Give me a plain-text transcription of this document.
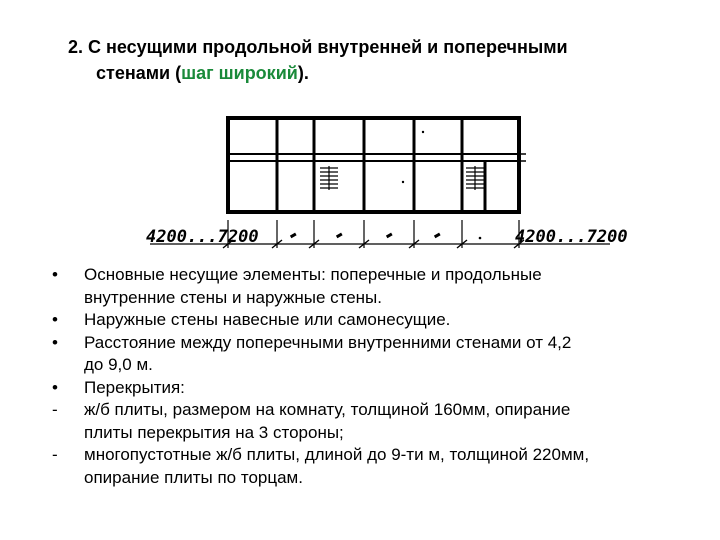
2. С несущими продольной внутренней и поперечными
стенами (шаг широкий).
4200...7200	4200...7200
•	Основные несущие элементы: поперечные и продольные
внутренние стены и наружные стены.
•	Наружные стены навесные или самонесущие.
•	Расстояние между поперечными внутренними стенами от 4,2
до 9,0 м.
•	Перекрытия:
-	ж/б плиты, размером на комнату, толщиной 160мм, опирание
плиты перекрытия на 3 стороны;
-	многопустотные ж/б плиты, длиной до 9-ти м, толщиной 220мм,
опирание плиты по торцам.
